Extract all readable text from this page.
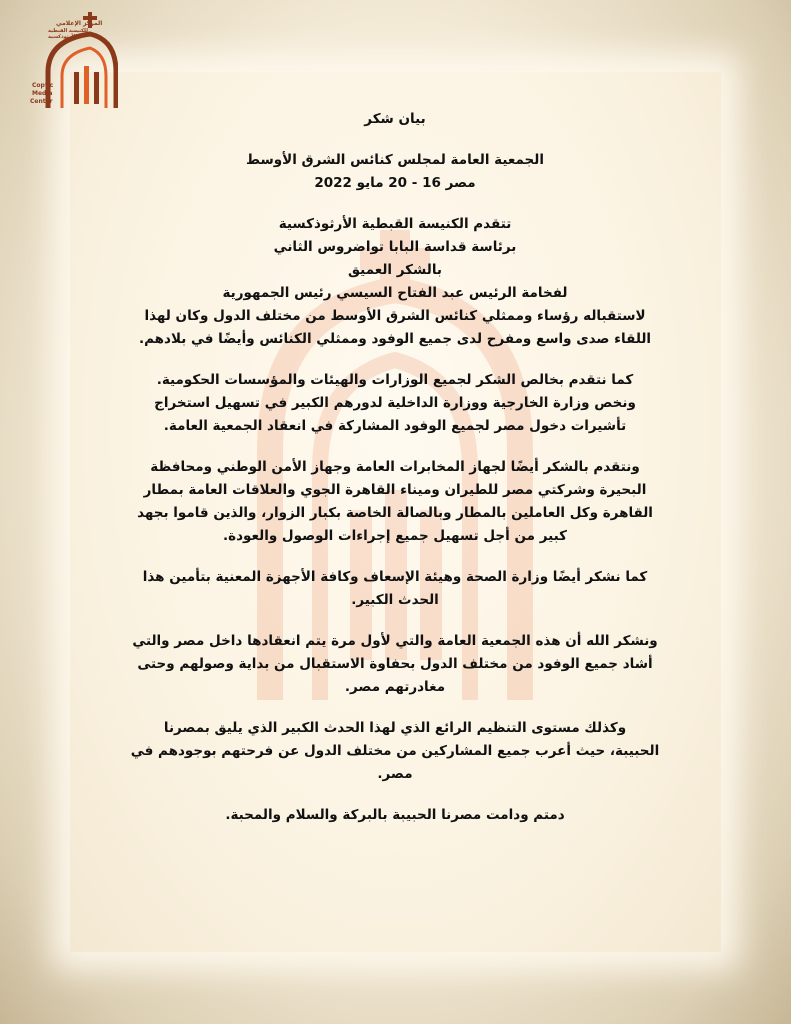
المركز الإعلامي
للكنيسة القبطية الأرثوذكسية
Coptic
Media
Center
بيان شكر
الجمعية العامة لمجلس كنائس الشرق الأوسط
مصر 16 - 20 مايو 2022
تتقدم الكنيسة القبطية الأرثوذكسية
برئاسة قداسة البابا تواضروس الثاني
بالشكر العميق
لفخامة الرئيس عبد الفتاح السيسي رئيس الجمهورية
لاستقباله رؤساء وممثلي كنائس الشرق الأوسط من مختلف الدول وكان لهذا
اللقاء صدى واسع ومفرح لدى جميع الوفود وممثلي الكنائس وأيضًا في بلادهم.
كما نتقدم بخالص الشكر لجميع الوزارات والهيئات والمؤسسات الحكومية.
ونخص وزارة الخارجية ووزارة الداخلية لدورهم الكبير في تسهيل استخراج
تأشيرات دخول مصر لجميع الوفود المشاركة في انعقاد الجمعية العامة.
ونتقدم بالشكر أيضًا لجهاز المخابرات العامة وجهاز الأمن الوطني ومحافظة
البحيرة وشركتي مصر للطيران وميناء القاهرة الجوي والعلاقات العامة بمطار
القاهرة وكل العاملين بالمطار وبالصالة الخاصة بكبار الزوار، والذين قاموا بجهد
كبير من أجل تسهيل جميع إجراءات الوصول والعودة.
كما نشكر أيضًا وزارة الصحة وهيئة الإسعاف وكافة الأجهزة المعنية بتأمين هذا
الحدث الكبير.
ونشكر الله أن هذه الجمعية العامة والتي لأول مرة يتم انعقادها داخل مصر والتي
أشاد جميع الوفود من مختلف الدول بحفاوة الاستقبال من بداية وصولهم وحتى
مغادرتهم مصر.
وكذلك مستوى التنظيم الرائع الذي لهذا الحدث الكبير الذي يليق بمصرنا
الحبيبة، حيث أعرب جميع المشاركين من مختلف الدول عن فرحتهم بوجودهم في
مصر.
دمتم ودامت مصرنا الحبيبة بالبركة والسلام والمحبة.
